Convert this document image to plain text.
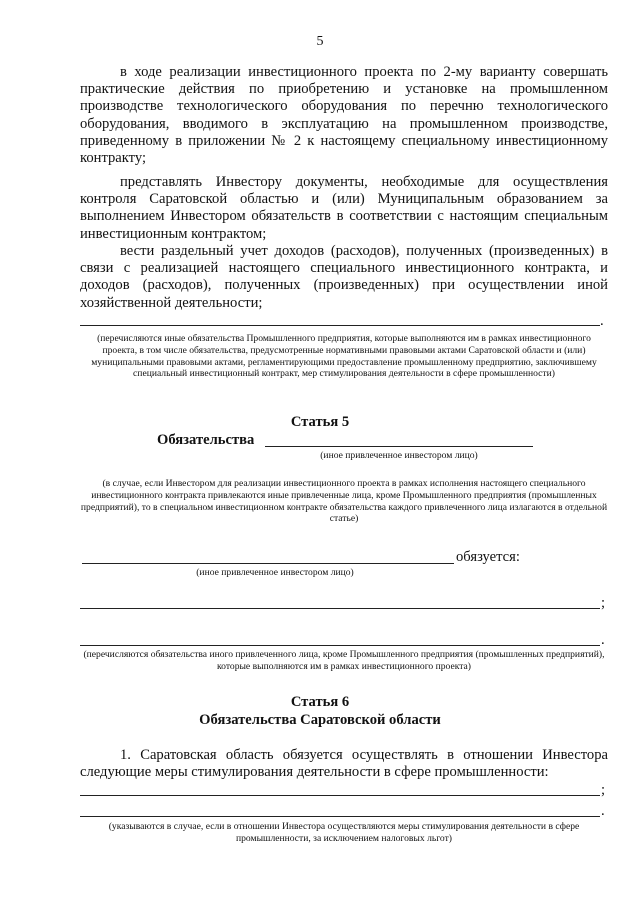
5

в ходе реализации инвестиционного проекта по 2-му варианту совершать практические действия по приобретению и установке на промышленном производстве технологического оборудования по перечню технологического оборудования, вводимого в эксплуатацию на промышленном производстве, приведенному в приложении № 2 к настоящему специальному инвестиционному контракту;

представлять Инвестору документы, необходимые для осуществления контроля Саратовской областью и (или) Муниципальным образованием за выполнением Инвестором обязательств в соответствии с настоящим специальным инвестиционным контрактом;

вести раздельный учет доходов (расходов), полученных (произведенных) в связи с реализацией настоящего специального инвестиционного контракта, и доходов (расходов), полученных (произведенных) при осуществлении иной хозяйственной деятельности;

.

(перечисляются иные обязательства Промышленного предприятия, которые выполняются им в рамках инвестиционного проекта, в том числе обязательства, предусмотренные нормативными правовыми актами Саратовской области и (или) муниципальными правовыми актами, регламентирующими предоставление промышленному предприятию, заключившему специальный инвестиционный контракт, мер стимулирования деятельности в сфере промышленности)

Статья 5

Обязательства

(иное привлеченное инвестором лицо)

(в случае, если Инвестором для реализации инвестиционного проекта в рамках исполнения настоящего специального инвестиционного контракта привлекаются иные привлеченные лица, кроме Промышленного предприятия (промышленных предприятий), то в специальном инвестиционном контракте обязательства каждого привлеченного лица излагаются в отдельной статье)

обязуется:

(иное привлеченное инвестором лицо)

;
.

(перечисляются обязательства иного привлеченного лица, кроме Промышленного предприятия (промышленных предприятий), которые выполняются им в рамках инвестиционного проекта)

Статья 6

Обязательства Саратовской области

1. Саратовская область обязуется осуществлять в отношении Инвестора следующие меры стимулирования деятельности в сфере промышленности:

;
.

(указываются в случае, если в отношении Инвестора осуществляются меры стимулирования деятельности в сфере промышленности, за исключением налоговых льгот)
